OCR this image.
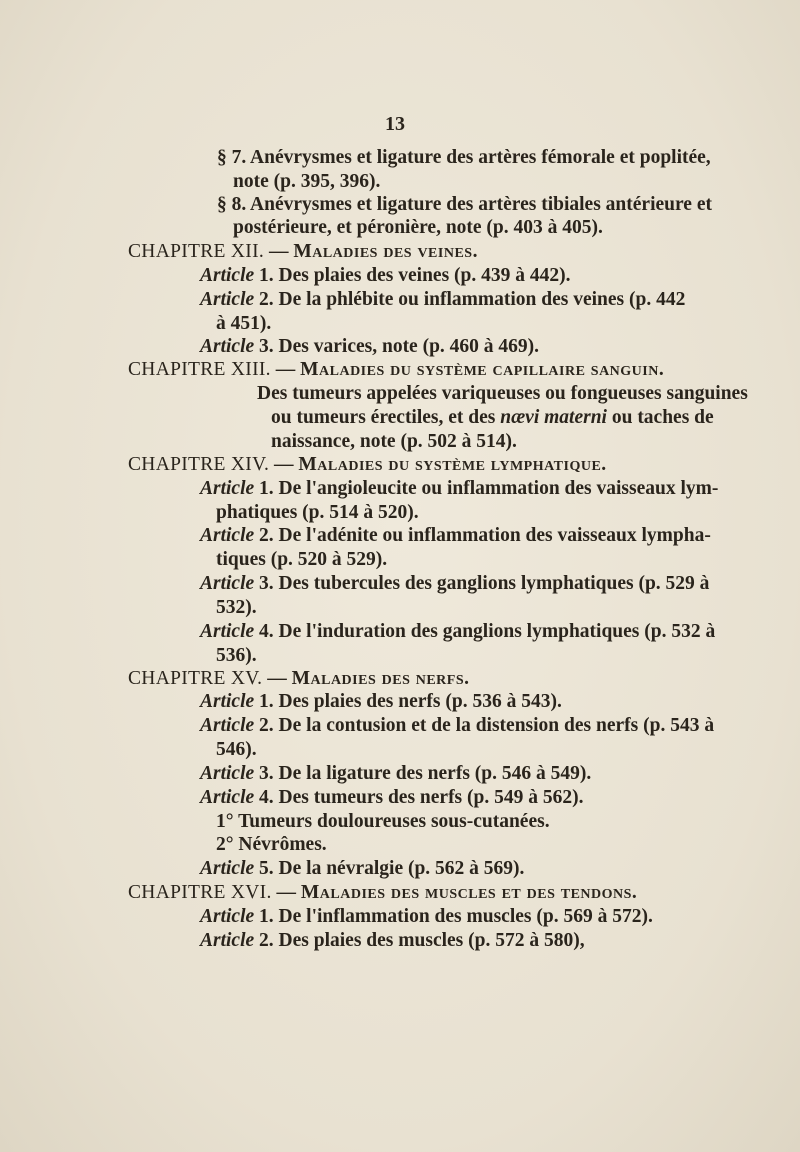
13
§ 7. Anévrysmes et ligature des artères fémorale et poplitée,
note (p. 395, 396).
§ 8. Anévrysmes et ligature des artères tibiales antérieure et
postérieure, et péronière, note (p. 403 à 405).
CHAPITRE XII. — Maladies des veines.
Article 1. Des plaies des veines (p. 439 à 442).
Article 2. De la phlébite ou inflammation des veines (p. 442
à 451).
Article 3. Des varices, note (p. 460 à 469).
CHAPITRE XIII. — Maladies du système capillaire sanguin.
Des tumeurs appelées variqueuses ou fongueuses sanguines
ou tumeurs érectiles, et des nævi materni ou taches de
naissance, note (p. 502 à 514).
CHAPITRE XIV. — Maladies du système lymphatique.
Article 1. De l'angioleucite ou inflammation des vaisseaux lym-
phatiques (p. 514 à 520).
Article 2. De l'adénite ou inflammation des vaisseaux lympha-
tiques (p. 520 à 529).
Article 3. Des tubercules des ganglions lymphatiques (p. 529 à
532).
Article 4. De l'induration des ganglions lymphatiques (p. 532 à
536).
CHAPITRE XV. — Maladies des nerfs.
Article 1. Des plaies des nerfs (p. 536 à 543).
Article 2. De la contusion et de la distension des nerfs (p. 543 à
546).
Article 3. De la ligature des nerfs (p. 546 à 549).
Article 4. Des tumeurs des nerfs (p. 549 à 562).
1° Tumeurs douloureuses sous-cutanées.
2° Névrômes.
Article 5. De la névralgie (p. 562 à 569).
CHAPITRE XVI. — Maladies des muscles et des tendons.
Article 1. De l'inflammation des muscles (p. 569 à 572).
Article 2. Des plaies des muscles (p. 572 à 580),
